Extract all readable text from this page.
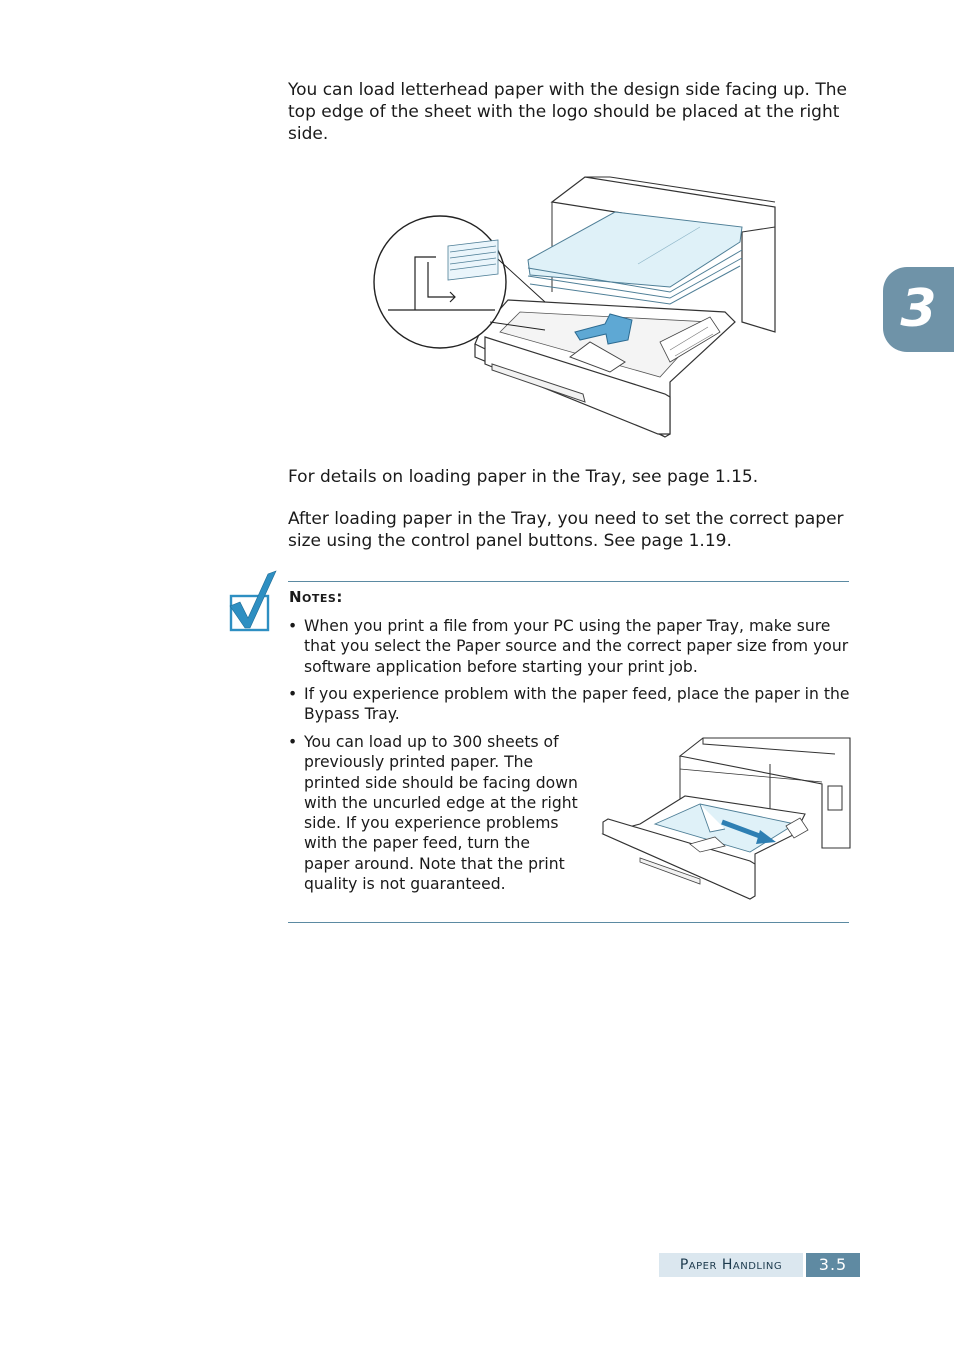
You can load letterhead paper with the design side facing up. The top edge of the sheet with the logo should be placed at the right side.

3

For details on loading paper in the Tray, see page 1.15.

After loading paper in the Tray, you need to set the correct paper size using the control panel buttons. See page 1.19.

Notes:

• When you print a file from your PC using the paper Tray, make sure that you select the Paper source and the correct paper size from your software application before starting your print job.
• If you experience problem with the paper feed, place the paper in the Bypass Tray.
• You can load up to 300 sheets of previously printed paper. The printed side should be facing down with the uncurled edge at the right side. If you experience problems with the paper feed, turn the paper around. Note that the print quality is not guaranteed.
Paper Handling	3.5
